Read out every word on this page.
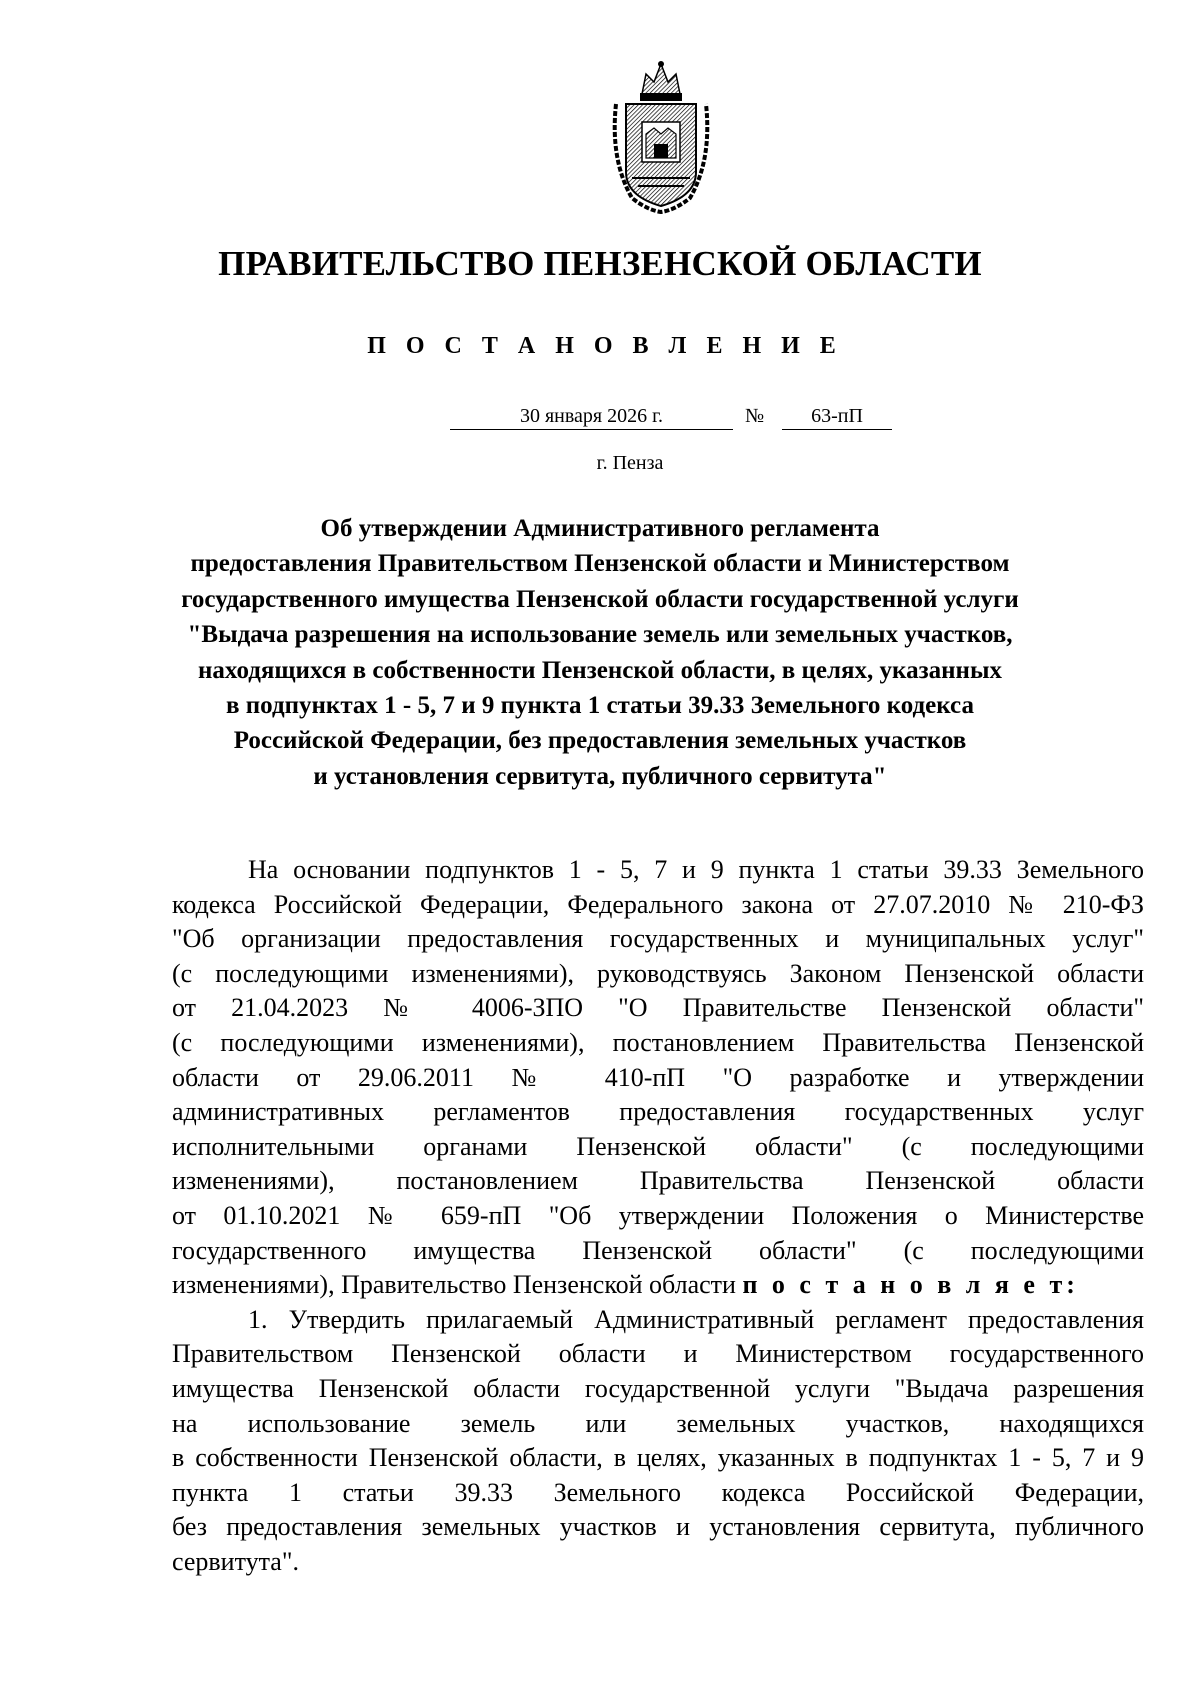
ПРАВИТЕЛЬСТВО ПЕНЗЕНСКОЙ ОБЛАСТИ
П О С Т А Н О В Л Е Н И Е
30 января 2026 г.	№	63-пП
г. Пенза
Об утверждении Административного регламента
предоставления Правительством Пензенской области и Министерством
государственного имущества Пензенской области государственной услуги
"Выдача разрешения на использование земель или земельных участков,
находящихся в собственности Пензенской области, в целях, указанных
в подпунктах 1 - 5, 7 и 9 пункта 1 статьи 39.33 Земельного кодекса
Российской Федерации, без предоставления земельных участков
и установления сервитута, публичного сервитута"
На основании подпунктов 1 - 5, 7 и 9 пункта 1 статьи 39.33 Земельного
кодекса Российской Федерации, Федерального закона от 27.07.2010 № 210-ФЗ
"Об организации предоставления государственных и муниципальных услуг"
(с последующими изменениями), руководствуясь Законом Пензенской области
от 21.04.2023 № 4006-ЗПО "О Правительстве Пензенской области"
(с последующими изменениями), постановлением Правительства Пензенской
области от 29.06.2011 № 410-пП "О разработке и утверждении
административных регламентов предоставления государственных услуг
исполнительными органами Пензенской области" (с последующими
изменениями), постановлением Правительства Пензенской области
от 01.10.2021 № 659-пП "Об утверждении Положения о Министерстве
государственного имущества Пензенской области" (с последующими
изменениями), Правительство Пензенской области п о с т а н о в л я е т:
1. Утвердить прилагаемый Административный регламент предоставления
Правительством Пензенской области и Министерством государственного
имущества Пензенской области государственной услуги "Выдача разрешения
на использование земель или земельных участков, находящихся
в собственности Пензенской области, в целях, указанных в подпунктах 1 - 5, 7 и 9
пункта 1 статьи 39.33 Земельного кодекса Российской Федерации,
без предоставления земельных участков и установления сервитута, публичного
сервитута".
